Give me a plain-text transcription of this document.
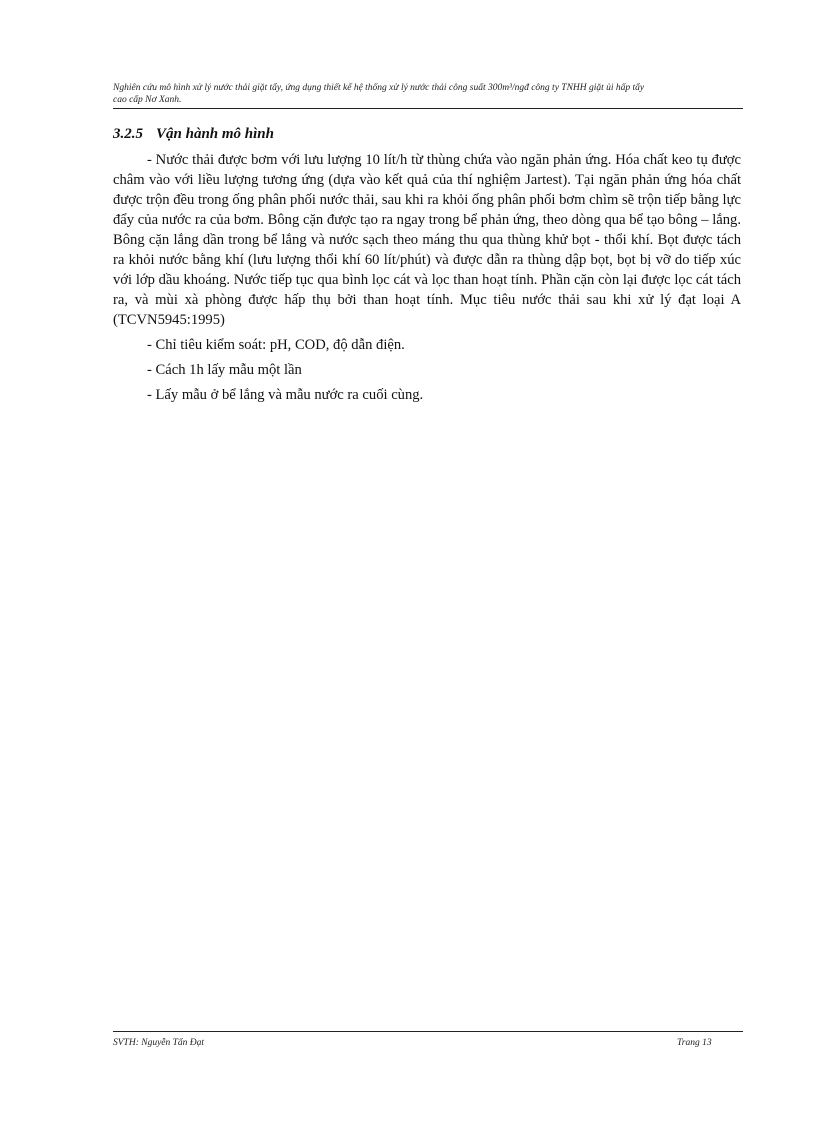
Nghiên cứu mô hình xử lý nước thải giặt tẩy, ứng dụng thiết kế hệ thống xử lý nước thải công suất 300m³/ngđ công ty TNHH giặt ủi hấp tẩy
cao cấp Nơ Xanh.
3.2.5 Vận hành mô hình

- Nước thải được bơm với lưu lượng 10 lít/h từ thùng chứa vào ngăn phản ứng. Hóa chất keo tụ được châm vào với liều lượng tương ứng (dựa vào kết quả của thí nghiệm Jartest). Tại ngăn phản ứng hóa chất được trộn đều trong ống phân phối nước thải, sau khi ra khỏi ống phân phối bơm chìm sẽ trộn tiếp bằng lực đẩy của nước ra của bơm. Bông cặn được tạo ra ngay trong bể phản ứng, theo dòng qua bể tạo bông – lắng. Bông cặn lắng dần trong bể lắng và nước sạch theo máng thu qua thùng khử bọt - thổi khí. Bọt được tách ra khỏi nước bằng khí (lưu lượng thổi khí 60 lít/phút) và được dẫn ra thùng dập bọt, bọt bị vỡ do tiếp xúc với lớp dầu khoáng. Nước tiếp tục qua bình lọc cát và lọc than hoạt tính. Phần cặn còn lại được lọc cát tách ra, và mùi xà phòng được hấp thụ bởi than hoạt tính. Mục tiêu nước thải sau khi xử lý đạt loại A (TCVN5945:1995)

- Chỉ tiêu kiểm soát: pH, COD, độ dẫn điện.

- Cách 1h lấy mẫu một lần

- Lấy mẫu ở bể lắng và mẫu nước ra cuối cùng.

SVTH: Nguyễn Tấn Đạt	Trang 13
